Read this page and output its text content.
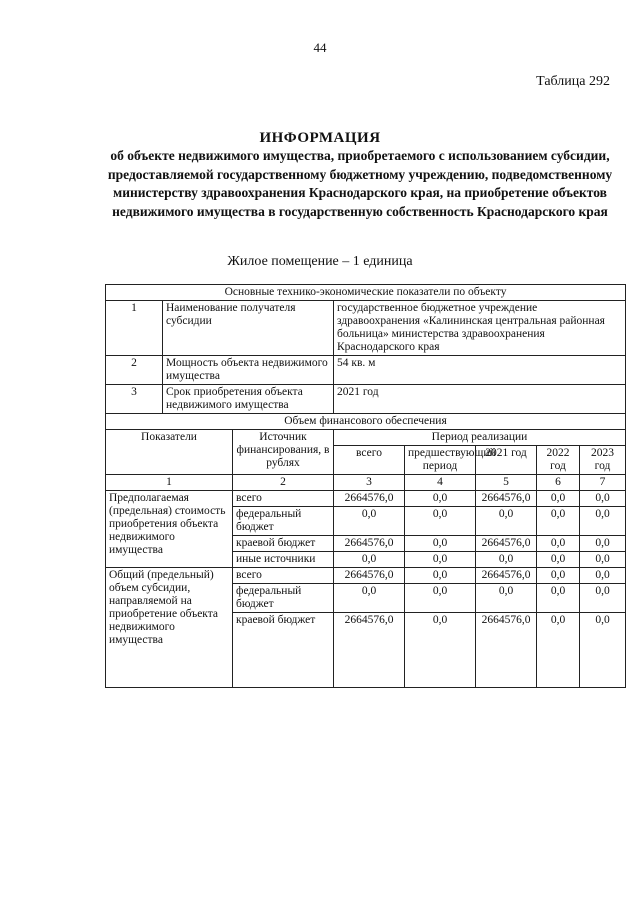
44
Таблица 292
ИНФОРМАЦИЯ
об объекте недвижимого имущества, приобретаемого с использованием субсидии, предоставляемой государственному бюджетному учреждению, подведомственному министерству здравоохранения Краснодарского края, на приобретение объектов недвижимого имущества в государственную собственность Краснодарского края
Жилое помещение – 1 единица
Основные технико-экономические показатели по объекту							
1	Наименование получателя субсидии		государственное бюджетное учреждение здравоохранения «Калининская центральная районная больница» министерства здравоохранения Краснодарского края				
2	Мощность объекта недвижимого имущества		54 кв. м				
3	Срок приобретения объекта недвижимого имущества		2021 год				
Объем финансового обеспечения							
Показатели		Источник финансирования, в рублях	Период реализации				
			всего	предшествующий период	2021 год	2022 год	2023 год
1		2	3	4	5	6	7
Предполагаемая (предельная) стоимость приобретения объекта недвижимого имущества		всего	2664576,0	0,0	2664576,0	0,0	0,0
		федеральный бюджет	0,0	0,0	0,0	0,0	0,0
		краевой бюджет	2664576,0	0,0	2664576,0	0,0	0,0
		иные источники	0,0	0,0	0,0	0,0	0,0
Общий (предельный) объем субсидии, направляемой на приобретение объекта недвижимого имущества		всего	2664576,0	0,0	2664576,0	0,0	0,0
		федеральный бюджет	0,0	0,0	0,0	0,0	0,0
		краевой бюджет	2664576,0	0,0	2664576,0	0,0	0,0
